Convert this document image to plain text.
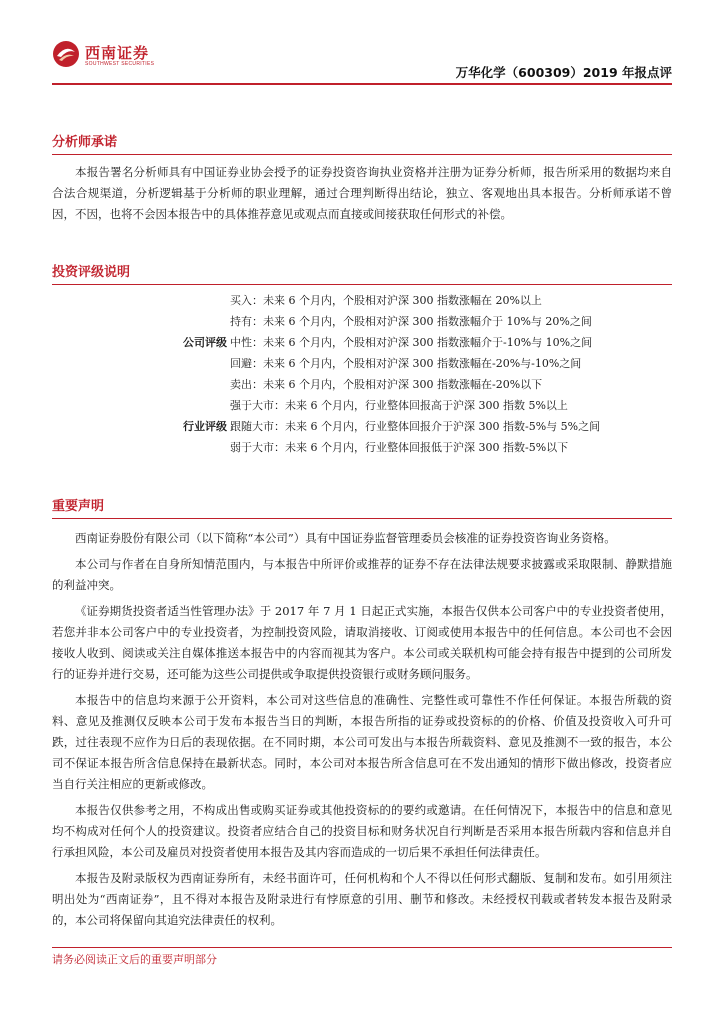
西南证券
SOUTHWEST SECURITIES
万华化学（600309）2019 年报点评
分析师承诺

本报告署名分析师具有中国证券业协会授予的证券投资咨询执业资格并注册为证券分析师，报告所采用的数据均来自合法合规渠道，分析逻辑基于分析师的职业理解，通过合理判断得出结论，独立、客观地出具本报告。分析师承诺不曾因，不因，也将不会因本报告中的具体推荐意见或观点而直接或间接获取任何形式的补偿。

投资评级说明
公司评级
买入：未来 6 个月内，个股相对沪深 300 指数涨幅在 20%以上
持有：未来 6 个月内，个股相对沪深 300 指数涨幅介于 10%与 20%之间
中性：未来 6 个月内，个股相对沪深 300 指数涨幅介于-10%与 10%之间
回避：未来 6 个月内，个股相对沪深 300 指数涨幅在-20%与-10%之间
卖出：未来 6 个月内，个股相对沪深 300 指数涨幅在-20%以下
行业评级
强于大市：未来 6 个月内，行业整体回报高于沪深 300 指数 5%以上
跟随大市：未来 6 个月内，行业整体回报介于沪深 300 指数-5%与 5%之间
弱于大市：未来 6 个月内，行业整体回报低于沪深 300 指数-5%以下
重要声明

西南证券股份有限公司（以下简称“本公司”）具有中国证券监督管理委员会核准的证券投资咨询业务资格。

本公司与作者在自身所知情范围内，与本报告中所评价或推荐的证券不存在法律法规要求披露或采取限制、静默措施的利益冲突。

《证券期货投资者适当性管理办法》于 2017 年 7 月 1 日起正式实施，本报告仅供本公司客户中的专业投资者使用，若您并非本公司客户中的专业投资者，为控制投资风险，请取消接收、订阅或使用本报告中的任何信息。本公司也不会因接收人收到、阅读或关注自媒体推送本报告中的内容而视其为客户。本公司或关联机构可能会持有报告中提到的公司所发行的证券并进行交易，还可能为这些公司提供或争取提供投资银行或财务顾问服务。

本报告中的信息均来源于公开资料，本公司对这些信息的准确性、完整性或可靠性不作任何保证。本报告所载的资料、意见及推测仅反映本公司于发布本报告当日的判断，本报告所指的证券或投资标的的价格、价值及投资收入可升可跌，过往表现不应作为日后的表现依据。在不同时期，本公司可发出与本报告所载资料、意见及推测不一致的报告，本公司不保证本报告所含信息保持在最新状态。同时，本公司对本报告所含信息可在不发出通知的情形下做出修改，投资者应当自行关注相应的更新或修改。

本报告仅供参考之用，不构成出售或购买证券或其他投资标的的要约或邀请。在任何情况下，本报告中的信息和意见均不构成对任何个人的投资建议。投资者应结合自己的投资目标和财务状况自行判断是否采用本报告所载内容和信息并自行承担风险，本公司及雇员对投资者使用本报告及其内容而造成的一切后果不承担任何法律责任。

本报告及附录版权为西南证券所有，未经书面许可，任何机构和个人不得以任何形式翻版、复制和发布。如引用须注明出处为“西南证券”，且不得对本报告及附录进行有悖原意的引用、删节和修改。未经授权刊载或者转发本报告及附录的，本公司将保留向其追究法律责任的权利。

请务必阅读正文后的重要声明部分
